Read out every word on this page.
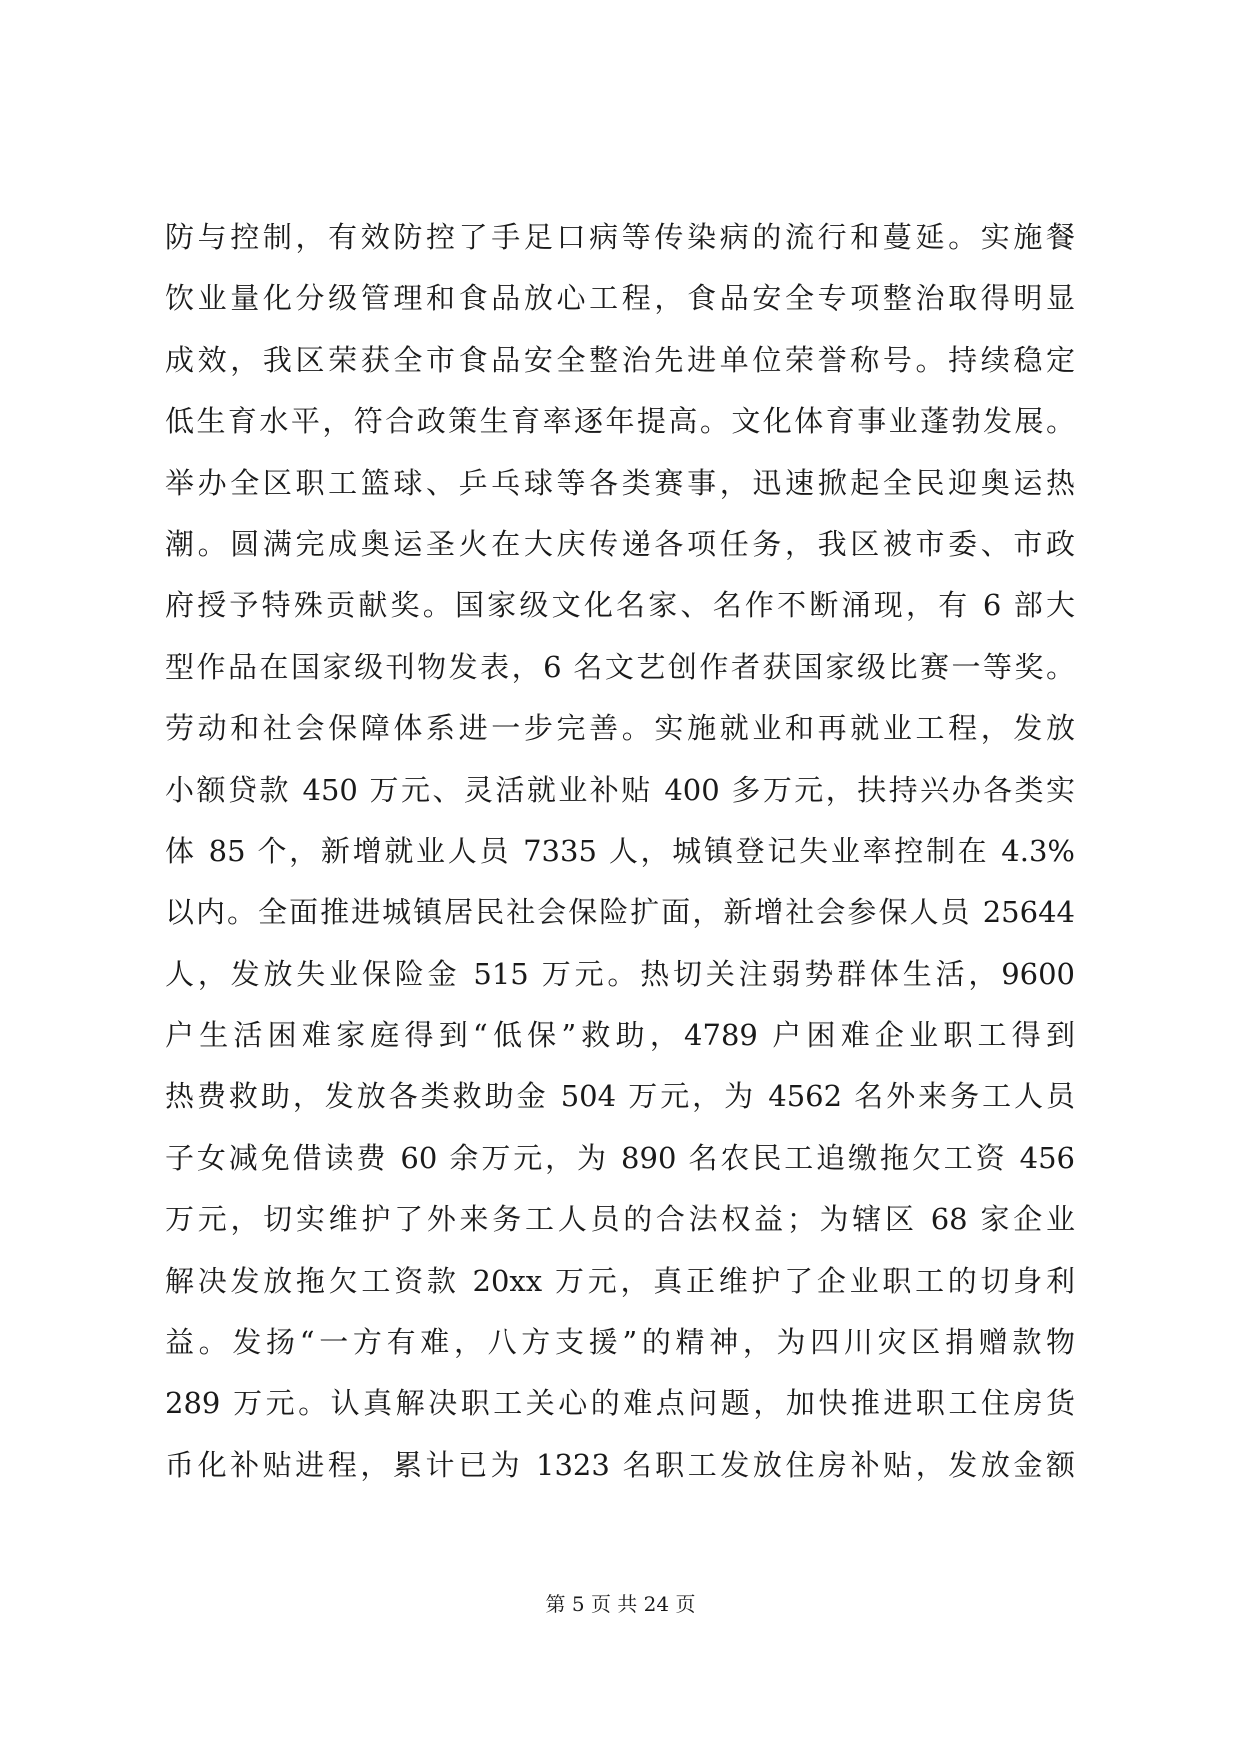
防与控制，有效防控了手足口病等传染病的流行和蔓延。实施餐
饮业量化分级管理和食品放心工程，食品安全专项整治取得明显
成效，我区荣获全市食品安全整治先进单位荣誉称号。持续稳定
低生育水平，符合政策生育率逐年提高。文化体育事业蓬勃发展。
举办全区职工篮球、乒乓球等各类赛事，迅速掀起全民迎奥运热
潮。圆满完成奥运圣火在大庆传递各项任务，我区被市委、市政
府授予特殊贡献奖。国家级文化名家、名作不断涌现，有 6 部大
型作品在国家级刊物发表，6 名文艺创作者获国家级比赛一等奖。
劳动和社会保障体系进一步完善。实施就业和再就业工程，发放
小额贷款 450 万元、灵活就业补贴 400 多万元，扶持兴办各类实
体 85 个，新增就业人员 7335 人，城镇登记失业率控制在 4.3%
以内。全面推进城镇居民社会保险扩面，新增社会参保人员 25644
人，发放失业保险金 515 万元。热切关注弱势群体生活，9600
户生活困难家庭得到“低保”救助，4789 户困难企业职工得到
热费救助，发放各类救助金 504 万元，为 4562 名外来务工人员
子女减免借读费 60 余万元，为 890 名农民工追缴拖欠工资 456
万元，切实维护了外来务工人员的合法权益；为辖区 68 家企业
解决发放拖欠工资款 20xx 万元，真正维护了企业职工的切身利
益。发扬“一方有难，八方支援”的精神，为四川灾区捐赠款物
289 万元。认真解决职工关心的难点问题，加快推进职工住房货
币化补贴进程，累计已为 1323 名职工发放住房补贴，发放金额
第 5 页 共 24 页
